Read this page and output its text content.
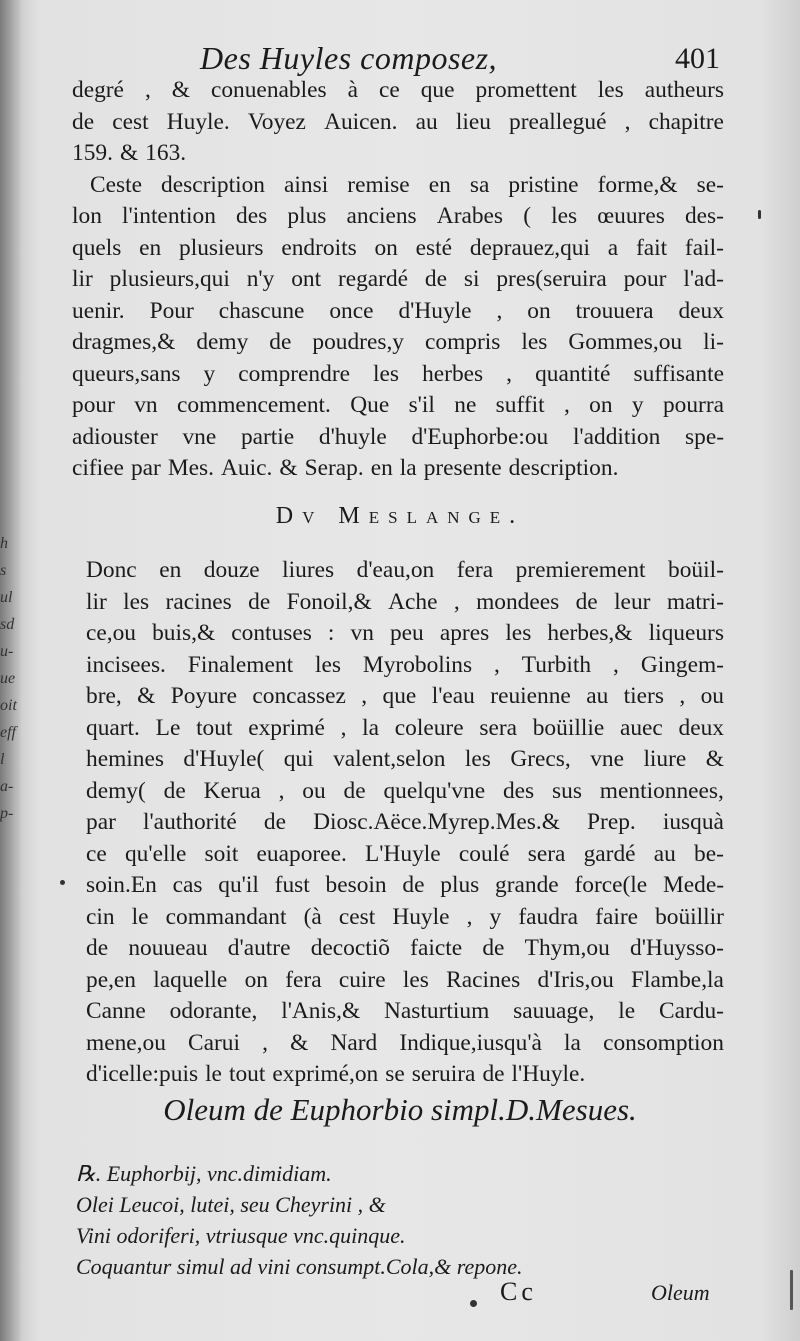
h
s
ul
sd
u-
ue
oit
eff
l
a-
p-
Des Huyles composez,	401
degré , & conuenables à ce que promettent les autheurs
de cest Huyle. Voyez Auicen. au lieu preallegué , chapitre
159. & 163.
Ceste description ainsi remise en sa pristine forme,& se-
lon l'intention des plus anciens Arabes ( les œuures des-
quels en plusieurs endroits on esté deprauez,qui a fait fail-
lir plusieurs,qui n'y ont regardé de si pres(seruira pour l'ad-
uenir. Pour chascune once d'Huyle , on trouuera deux
dragmes,& demy de poudres,y compris les Gommes,ou li-
queurs,sans y comprendre les herbes , quantité suffisante
pour vn commencement. Que s'il ne suffit , on y pourra
adiouster vne partie d'huyle d'Euphorbe:ou l'addition spe-
cifiee par Mes. Auic. & Serap. en la presente description.
Dv Meslange.
Donc en douze liures d'eau,on fera premierement boüil-
lir les racines de Fonoil,& Ache , mondees de leur matri-
ce,ou buis,& contuses : vn peu apres les herbes,& liqueurs
incisees. Finalement les Myrobolins , Turbith , Gingem-
bre, & Poyure concassez , que l'eau reuienne au tiers , ou
quart. Le tout exprimé , la coleure sera boüillie auec deux
hemines d'Huyle( qui valent,selon les Grecs, vne liure &
demy( de Kerua , ou de quelqu'vne des sus mentionnees,
par l'authorité de Diosc.Aëce.Myrep.Mes.& Prep. iusquà
ce qu'elle soit euaporee. L'Huyle coulé sera gardé au be-
soin.En cas qu'il fust besoin de plus grande force(le Mede-
cin le commandant (à cest Huyle , y faudra faire boüillir
de nouueau d'autre decoctiõ faicte de Thym,ou d'Huysso-
pe,en laquelle on fera cuire les Racines d'Iris,ou Flambe,la
Canne odorante, l'Anis,& Nasturtium sauuage, le Cardu-
mene,ou Carui , & Nard Indique,iusqu'à la consomption
d'icelle:puis le tout exprimé,on se seruira de l'Huyle.
Oleum de Euphorbio simpl.D.Mesues.
℞. Euphorbij, vnc.dimidiam.
Olei Leucoi, lutei, seu Cheyrini , &
Vini odoriferi, vtriusque vnc.quinque.
Coquantur simul ad vini consumpt.Cola,& repone.
Cc	Oleum
